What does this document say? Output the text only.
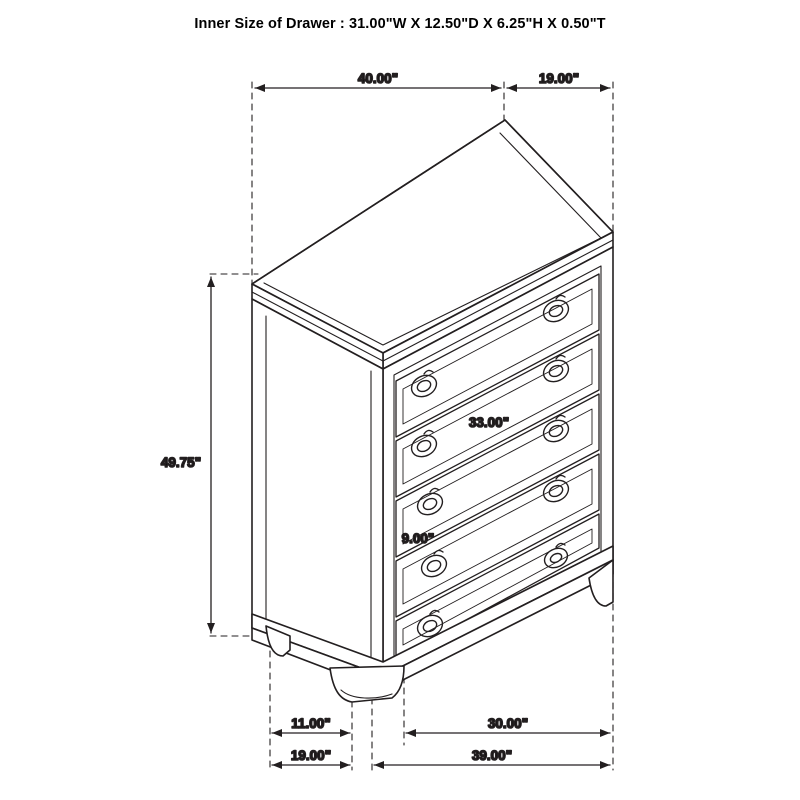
Inner Size of Drawer : 31.00"W X 12.50"D X 6.25"H X 0.50"T
40.00"	19.00"
49.75"
33.00"
9.00"
11.00"	30.00"
19.00"	39.00"
